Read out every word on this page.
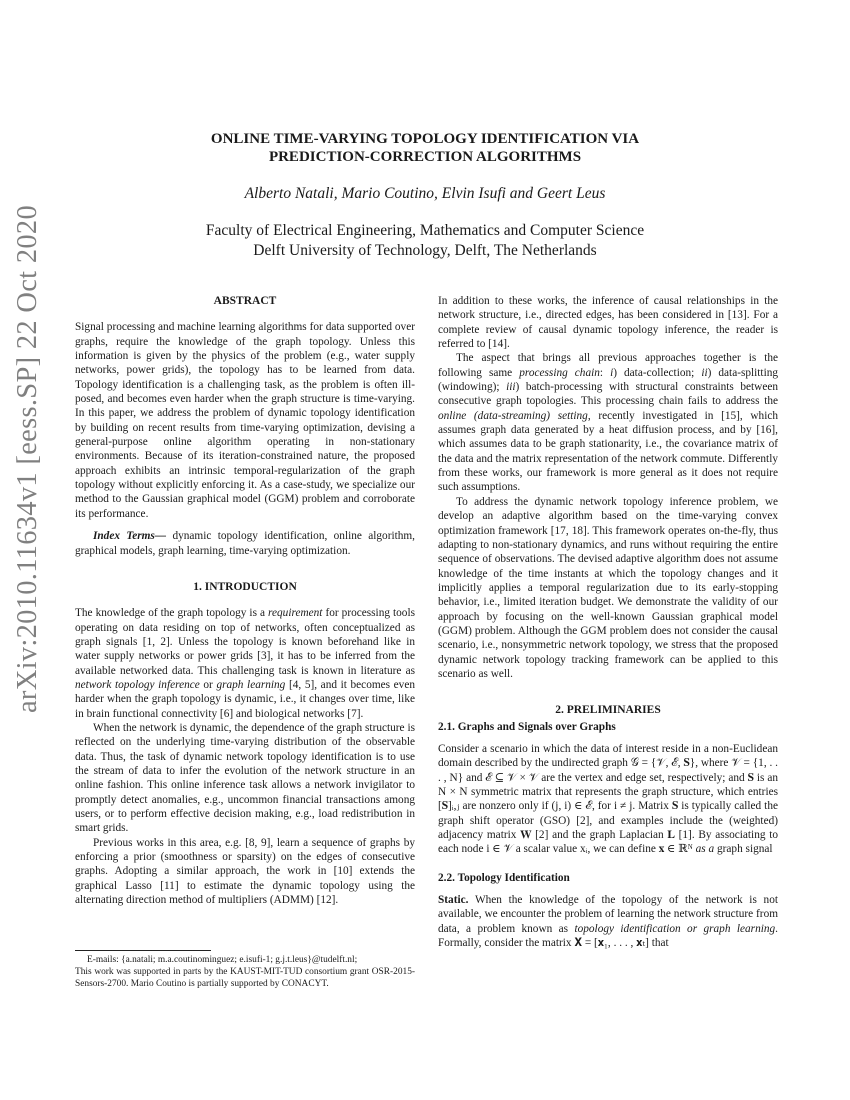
arXiv:2010.11634v1 [eess.SP] 22 Oct 2020
ONLINE TIME-VARYING TOPOLOGY IDENTIFICATION VIA
PREDICTION-CORRECTION ALGORITHMS
Alberto Natali, Mario Coutino, Elvin Isufi and Geert Leus
Faculty of Electrical Engineering, Mathematics and Computer Science
Delft University of Technology, Delft, The Netherlands
ABSTRACT

Signal processing and machine learning algorithms for data supported over graphs, require the knowledge of the graph topology. Unless this information is given by the physics of the problem (e.g., water supply networks, power grids), the topology has to be learned from data. Topology identification is a challenging task, as the problem is often ill-posed, and becomes even harder when the graph structure is time-varying. In this paper, we address the problem of dynamic topology identification by building on recent results from time-varying optimization, devising a general-purpose online algorithm operating in non-stationary environments. Because of its iteration-constrained nature, the proposed approach exhibits an intrinsic temporal-regularization of the graph topology without explicitly enforcing it. As a case-study, we specialize our method to the Gaussian graphical model (GGM) problem and corroborate its performance.

Index Terms— dynamic topology identification, online algorithm, graphical models, graph learning, time-varying optimization.

1. INTRODUCTION

The knowledge of the graph topology is a requirement for processing tools operating on data residing on top of networks, often conceptualized as graph signals [1, 2]. Unless the topology is known beforehand like in water supply networks or power grids [3], it has to be inferred from the available networked data. This challenging task is known in literature as network topology inference or graph learning [4, 5], and it becomes even harder when the graph topology is dynamic, i.e., it changes over time, like in brain functional connectivity [6] and biological networks [7].

When the network is dynamic, the dependence of the graph structure is reflected on the underlying time-varying distribution of the observable data. Thus, the task of dynamic network topology identification is to use the stream of data to infer the evolution of the network structure in an online fashion. This online inference task allows a network invigilator to promptly detect anomalies, e.g., uncommon financial transactions among users, or to perform effective decision making, e.g., load redistribution in smart grids.

Previous works in this area, e.g. [8, 9], learn a sequence of graphs by enforcing a prior (smoothness or sparsity) on the edges of consecutive graphs. Adopting a similar approach, the work in [10] extends the graphical Lasso [11] to estimate the dynamic topology using the alternating direction method of multipliers (ADMM) [12].

E-mails: {a.natali; m.a.coutinominguez; e.isufi-1; g.j.t.leus}@tudelft.nl;

This work was supported in parts by the KAUST-MIT-TUD consortium grant OSR-2015-Sensors-2700. Mario Coutino is partially supported by CONACYT.

In addition to these works, the inference of causal relationships in the network structure, i.e., directed edges, has been considered in [13]. For a complete review of causal dynamic topology inference, the reader is referred to [14].

The aspect that brings all previous approaches together is the following same processing chain: i) data-collection; ii) data-splitting (windowing); iii) batch-processing with structural constraints between consecutive graph topologies. This processing chain fails to address the online (data-streaming) setting, recently investigated in [15], which assumes graph data generated by a heat diffusion process, and by [16], which assumes data to be graph stationarity, i.e., the covariance matrix of the data and the matrix representation of the network commute. Differently from these works, our framework is more general as it does not require such assumptions.

To address the dynamic network topology inference problem, we develop an adaptive algorithm based on the time-varying convex optimization framework [17, 18]. This framework operates on-the-fly, thus adapting to non-stationary dynamics, and runs without requiring the entire sequence of observations. The devised adaptive algorithm does not assume knowledge of the time instants at which the topology changes and it implicitly applies a temporal regularization due to its early-stopping behavior, i.e., limited iteration budget. We demonstrate the validity of our approach by focusing on the well-known Gaussian graphical model (GGM) problem. Although the GGM problem does not consider the causal scenario, i.e., nonsymmetric network topology, we stress that the proposed dynamic network topology tracking framework can be applied to this scenario as well.

2. PRELIMINARIES
2.1. Graphs and Signals over Graphs

Consider a scenario in which the data of interest reside in a non-Euclidean domain described by the undirected graph 𝒢 = {𝒱, ℰ, 𝐒}, where 𝒱 = {1, . . . , N} and ℰ ⊆ 𝒱 × 𝒱 are the vertex and edge set, respectively; and 𝐒 is an N × N symmetric matrix that represents the graph structure, which entries [𝐒]ᵢ,ⱼ are nonzero only if (j, i) ∈ ℰ, for i ≠ j. Matrix 𝐒 is typically called the graph shift operator (GSO) [2], and examples include the (weighted) adjacency matrix 𝐖 [2] and the graph Laplacian 𝐋 [1]. By associating to each node i ∈ 𝒱 a scalar value xᵢ, we can define 𝐱 ∈ ℝᴺ as a graph signal

2.2. Topology Identification

Static. When the knowledge of the topology of the network is not available, we encounter the problem of learning the network structure from data, a problem known as topology identification or graph learning. Formally, consider the matrix 𝐗 = [𝐱₁, . . . , 𝐱ₜ] that
